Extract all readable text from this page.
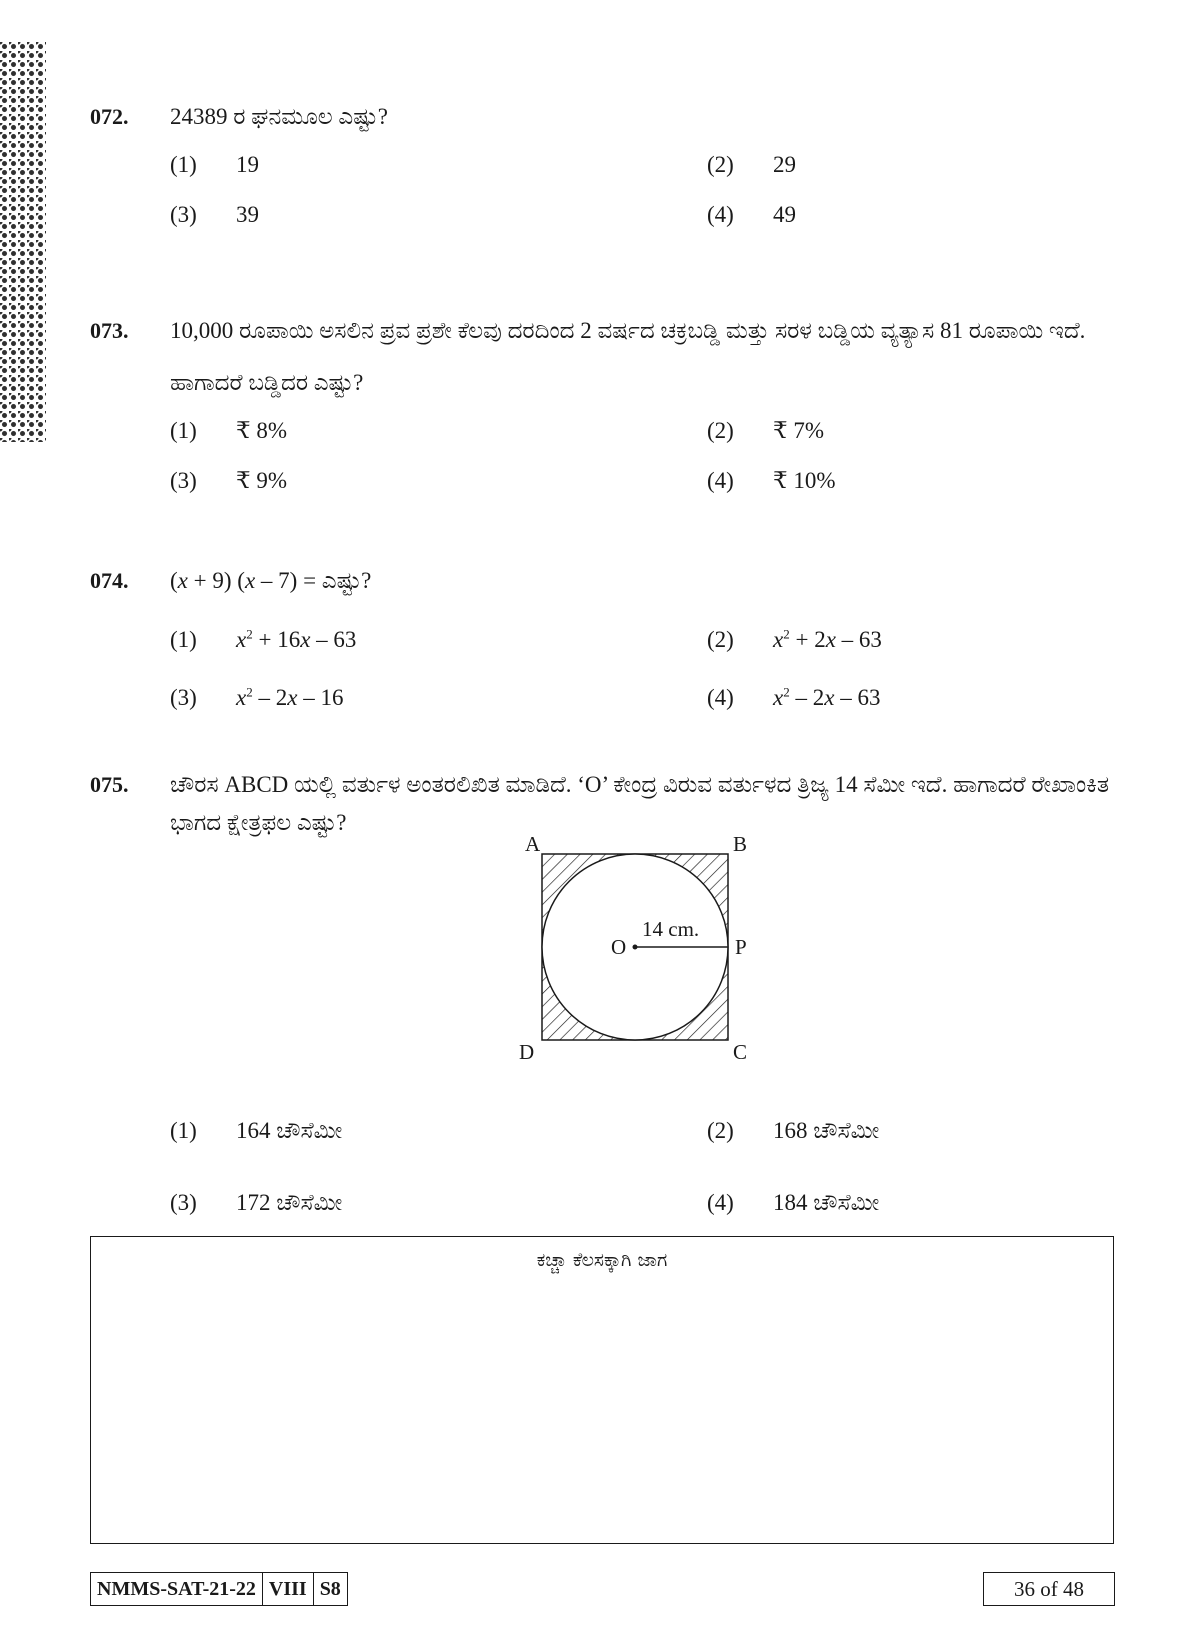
072. 24389 ರ ಘನಮೂಲ ಎಷ್ಟು?
(1) 19	(2) 29
(3) 39	(4) 49
073. 10,000 ರೂಪಾಯಿ ಅಸಲಿನ ಪ್ರವ ಪ್ರಶೇ ಕೆಲವು ದರದಿಂದ 2 ವರ್ಷದ ಚಕ್ರಬಡ್ಡಿ ಮತ್ತು ಸರಳ ಬಡ್ಡಿಯ ವ್ಯತ್ಯಾಸ 81 ರೂಪಾಯಿ ಇದೆ. ಹಾಗಾದರೆ ಬಡ್ಡಿದರ ಎಷ್ಟು?
(1) ₹ 8%	(2) ₹ 7%
(3) ₹ 9%	(4) ₹ 10%
074. (x + 9) (x – 7) = ಎಷ್ಟು?
(1) $x^2 + 16x - 63$	(2) $x^2 + 2x - 63$
(3) $x^2 - 2x - 16$	(4) $x^2 - 2x - 63$
075. ಚೌರಸ ABCD ಯಲ್ಲಿ ವರ್ತುಳ ಅಂತರಲಿಖಿತ ಮಾಡಿದೆ. ‘O’ ಕೇಂದ್ರ ವಿರುವ ವರ್ತುಳದ ತ್ರಿಜ್ಯ 14 ಸೆಮೀ ಇದೆ. ಹಾಗಾದರೆ ರೇಖಾಂಕಿತ ಭಾಗದ ಕ್ಷೇತ್ರಫಲ ಎಷ್ಟು?
A	B
C
D
O	P
14 cm.
(1) 164 ಚೌಸೆಮೀ	(2) 168 ಚೌಸೆಮೀ
(3) 172 ಚೌಸೆಮೀ	(4) 184 ಚೌಸೆಮೀ
ಕಚ್ಚಾ ಕೆಲಸಕ್ಕಾಗಿ ಜಾಗ
NMMS-SAT-21-22 VIII S8	36 of 48
